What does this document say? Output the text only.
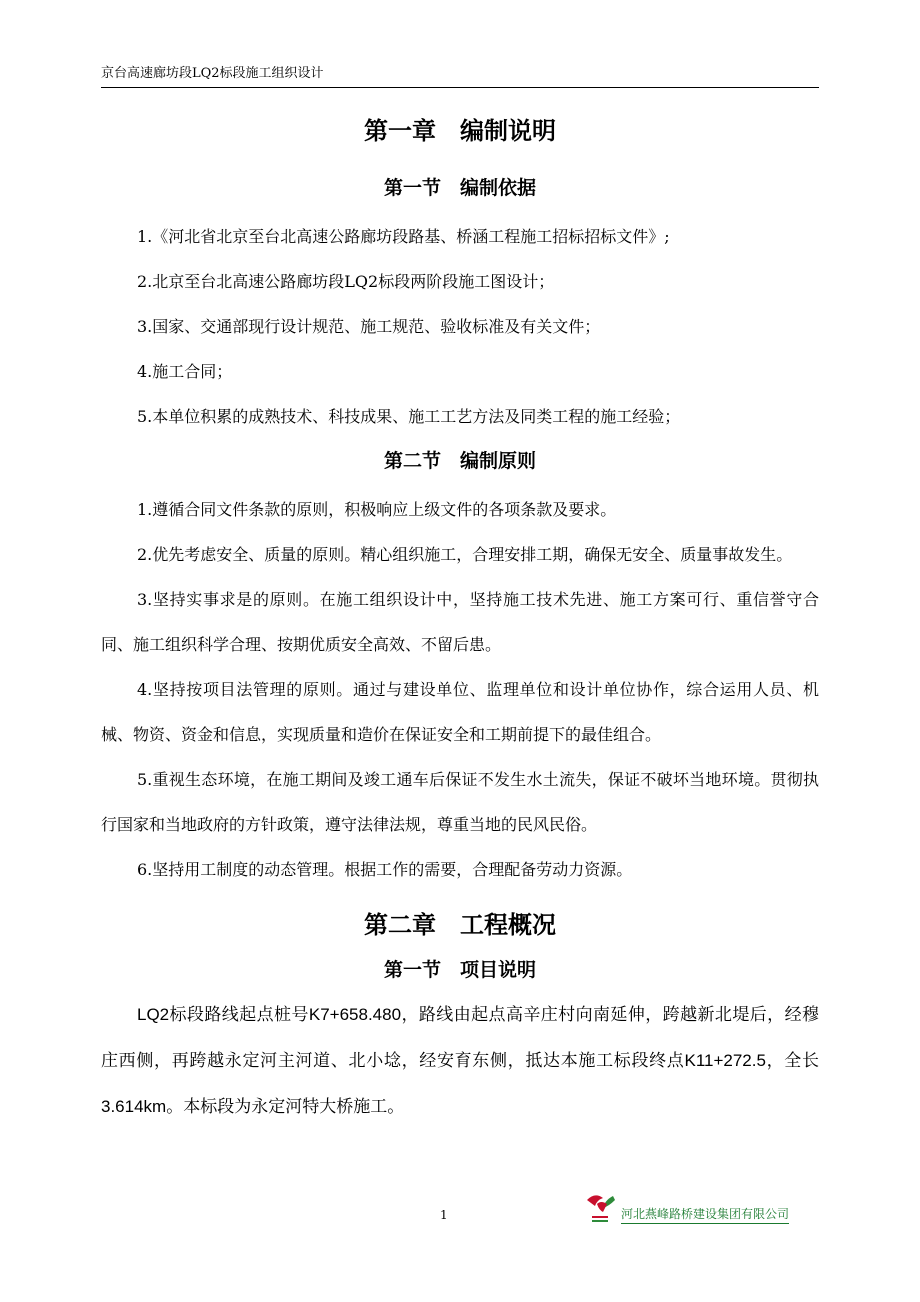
京台高速廊坊段LQ2标段施工组织设计
第一章　编制说明
第一节　编制依据

1.《河北省北京至台北高速公路廊坊段路基、桥涵工程施工招标招标文件》;

2.北京至台北高速公路廊坊段LQ2标段两阶段施工图设计；

3.国家、交通部现行设计规范、施工规范、验收标准及有关文件；

4.施工合同；

5.本单位积累的成熟技术、科技成果、施工工艺方法及同类工程的施工经验；

第二节　编制原则

1.遵循合同文件条款的原则，积极响应上级文件的各项条款及要求。

2.优先考虑安全、质量的原则。精心组织施工，合理安排工期，确保无安全、质量事故发生。

3.坚持实事求是的原则。在施工组织设计中，坚持施工技术先进、施工方案可行、重信誉守合同、施工组织科学合理、按期优质安全高效、不留后患。

4.坚持按项目法管理的原则。通过与建设单位、监理单位和设计单位协作，综合运用人员、机械、物资、资金和信息，实现质量和造价在保证安全和工期前提下的最佳组合。

5.重视生态环境，在施工期间及竣工通车后保证不发生水土流失，保证不破坏当地环境。贯彻执行国家和当地政府的方针政策，遵守法律法规，尊重当地的民风民俗。

6.坚持用工制度的动态管理。根据工作的需要，合理配备劳动力资源。

第二章　工程概况
第一节　项目说明

LQ2标段路线起点桩号K7+658.480，路线由起点高辛庄村向南延伸，跨越新北堤后，经穆庄西侧，再跨越永定河主河道、北小埝，经安育东侧，抵达本施工标段终点K11+272.5，全长3.614km。本标段为永定河特大桥施工。

1	河北燕峰路桥建设集团有限公司
